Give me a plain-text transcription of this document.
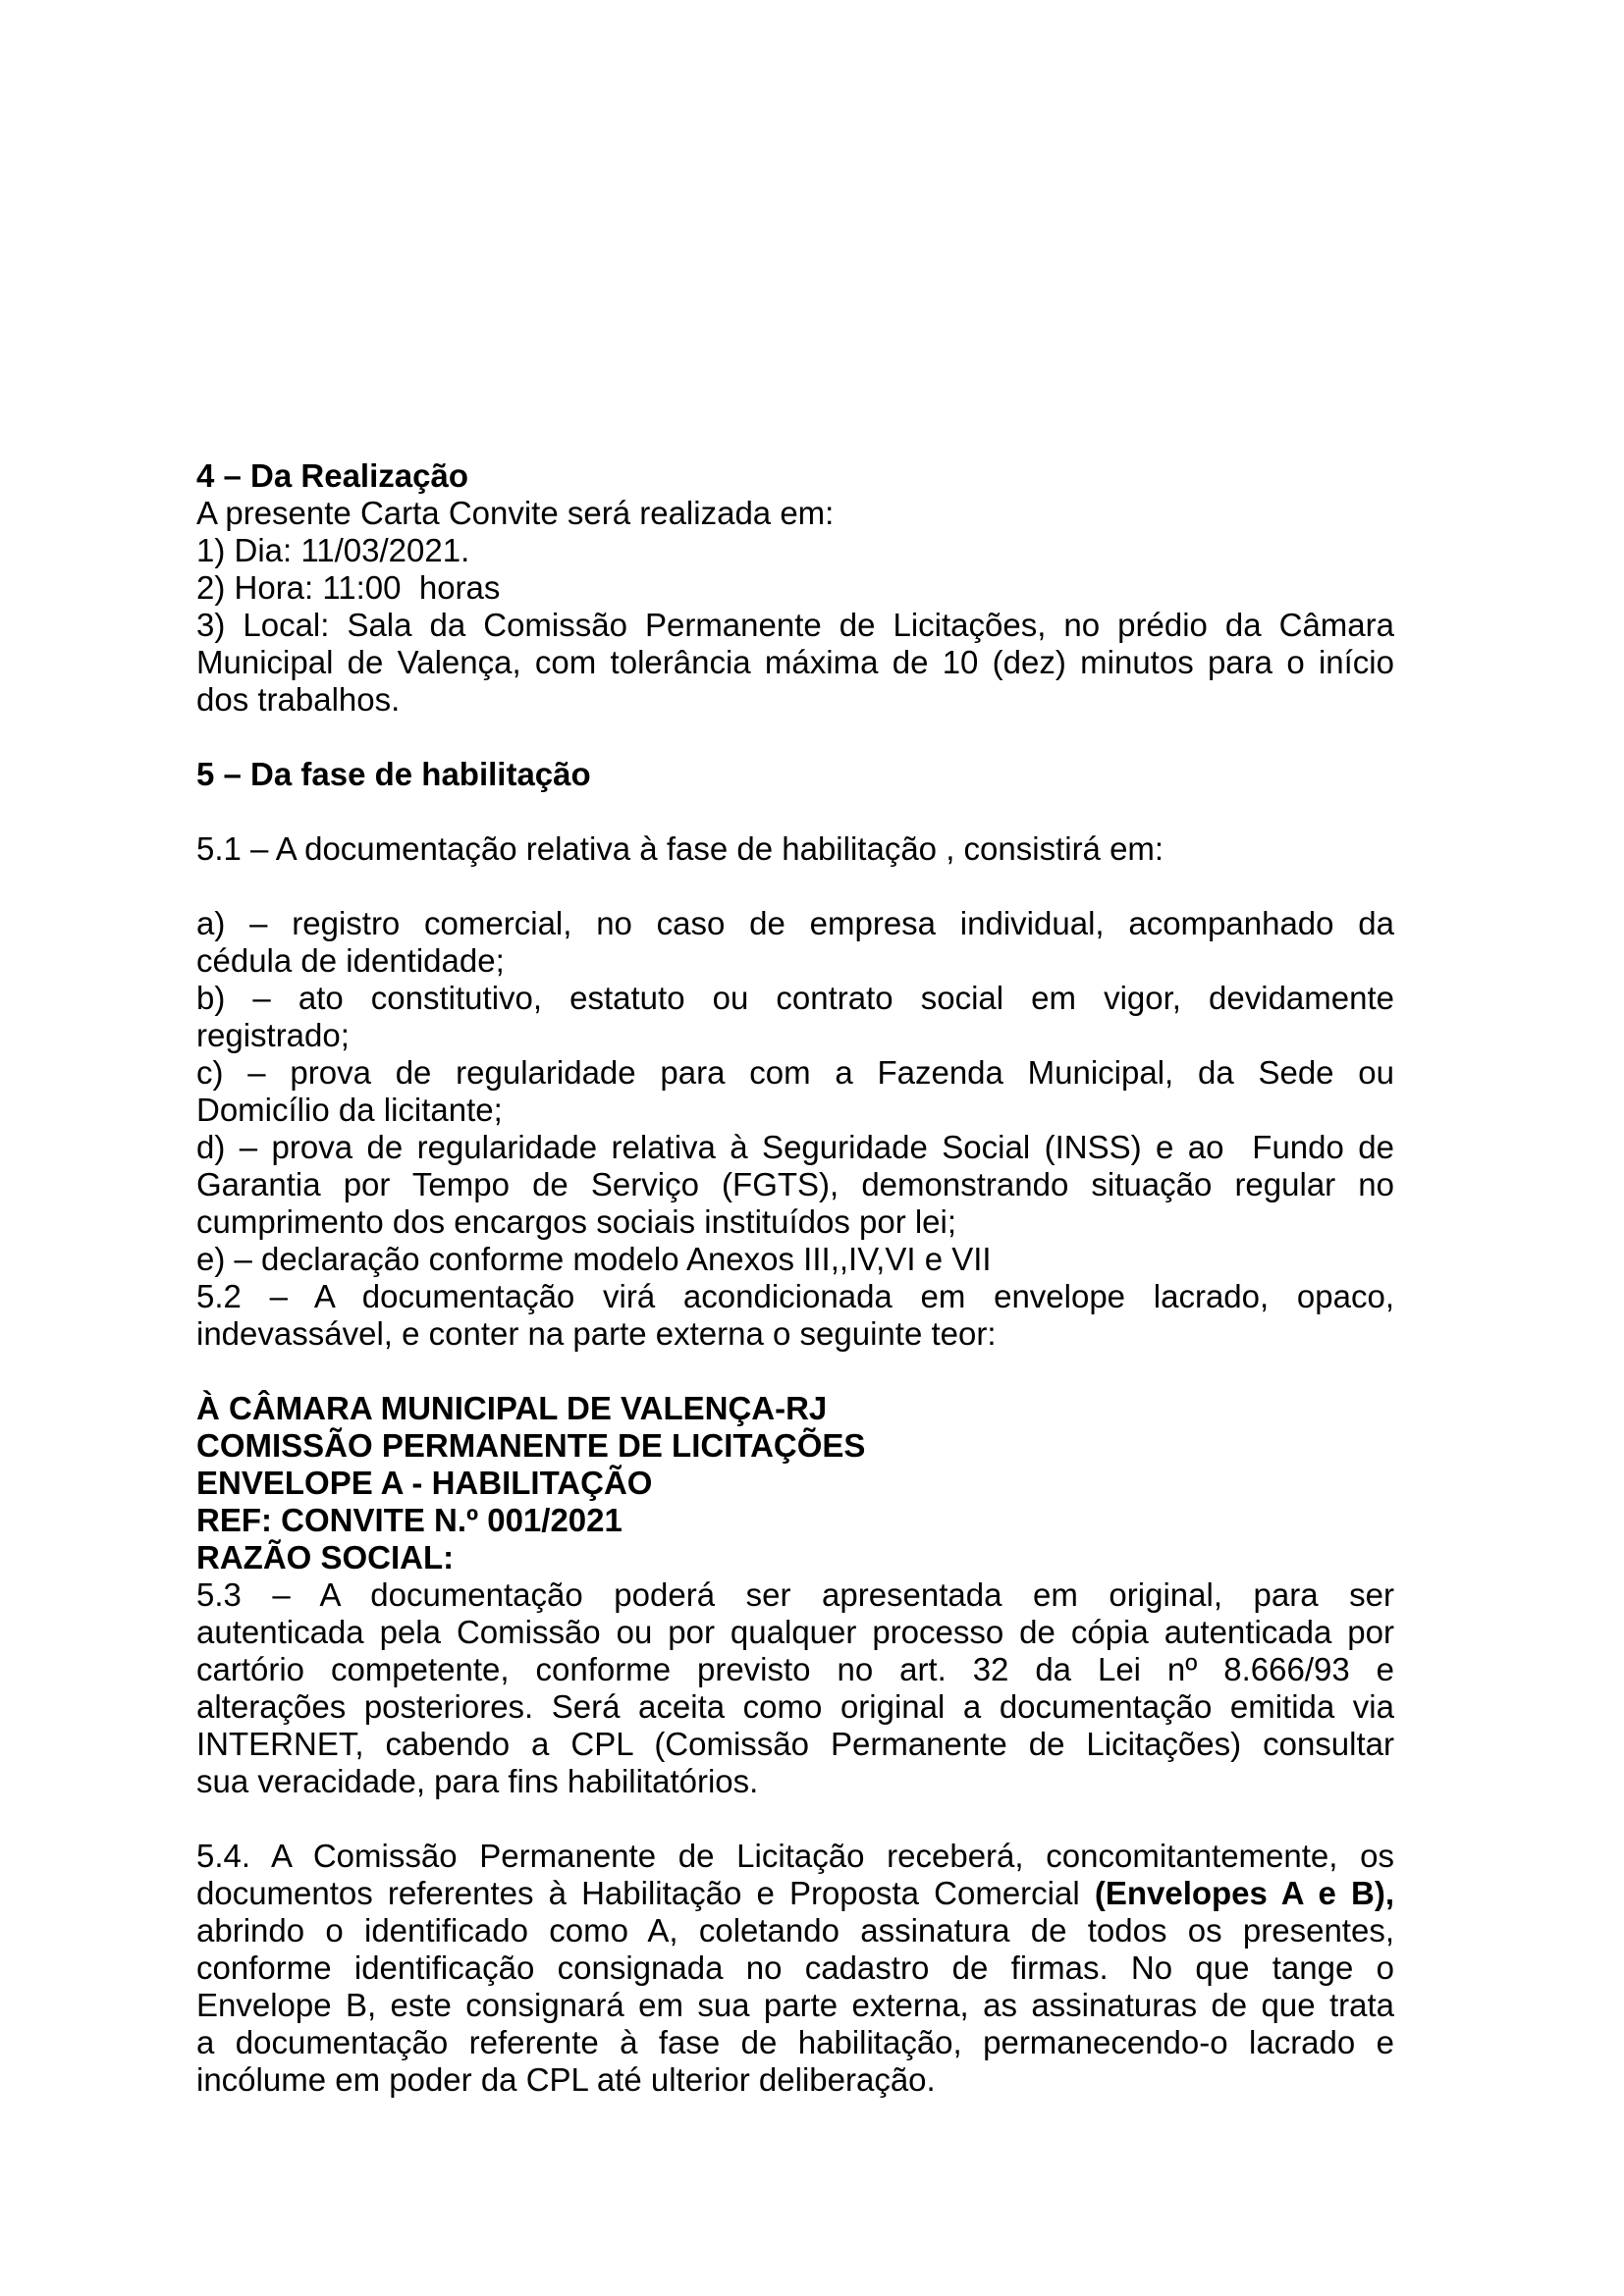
4 – Da Realização
A presente Carta Convite será realizada em:
1) Dia: 11/03/2021.
2) Hora: 11:00  horas
3) Local: Sala da Comissão Permanente de Licitações, no prédio da Câmara
Municipal de Valença, com tolerância máxima de 10 (dez) minutos para o início
dos trabalhos.
5 – Da fase de habilitação
5.1 – A documentação relativa à fase de habilitação , consistirá em:
a) – registro comercial, no caso de empresa individual, acompanhado da
cédula de identidade;
b) – ato constitutivo, estatuto ou contrato social em vigor, devidamente
registrado;
c) – prova de regularidade para com a Fazenda Municipal, da Sede ou
Domicílio da licitante;
d) – prova de regularidade relativa à Seguridade Social (INSS) e ao  Fundo de
Garantia por Tempo de Serviço (FGTS), demonstrando situação regular no
cumprimento dos encargos sociais instituídos por lei;
e) – declaração conforme modelo Anexos III,,IV,VI e VII
5.2 – A documentação virá acondicionada em envelope lacrado, opaco,
indevassável, e conter na parte externa o seguinte teor:
À CÂMARA MUNICIPAL DE VALENÇA-RJ
COMISSÃO PERMANENTE DE LICITAÇÕES
ENVELOPE A - HABILITAÇÃO
REF: CONVITE N.º 001/2021
RAZÃO SOCIAL:
5.3 – A documentação poderá ser apresentada em original, para ser
autenticada pela Comissão ou por qualquer processo de cópia autenticada por
cartório competente, conforme previsto no art. 32 da Lei nº 8.666/93 e
alterações posteriores. Será aceita como original a documentação emitida via
INTERNET, cabendo a CPL (Comissão Permanente de Licitações) consultar
sua veracidade, para fins habilitatórios.
5.4. A Comissão Permanente de Licitação receberá, concomitantemente, os
documentos referentes à Habilitação e Proposta Comercial (Envelopes A e B),
abrindo o identificado como A, coletando assinatura de todos os presentes,
conforme identificação consignada no cadastro de firmas. No que tange o
Envelope B, este consignará em sua parte externa, as assinaturas de que trata
a documentação referente à fase de habilitação, permanecendo-o lacrado e
incólume em poder da CPL até ulterior deliberação.
